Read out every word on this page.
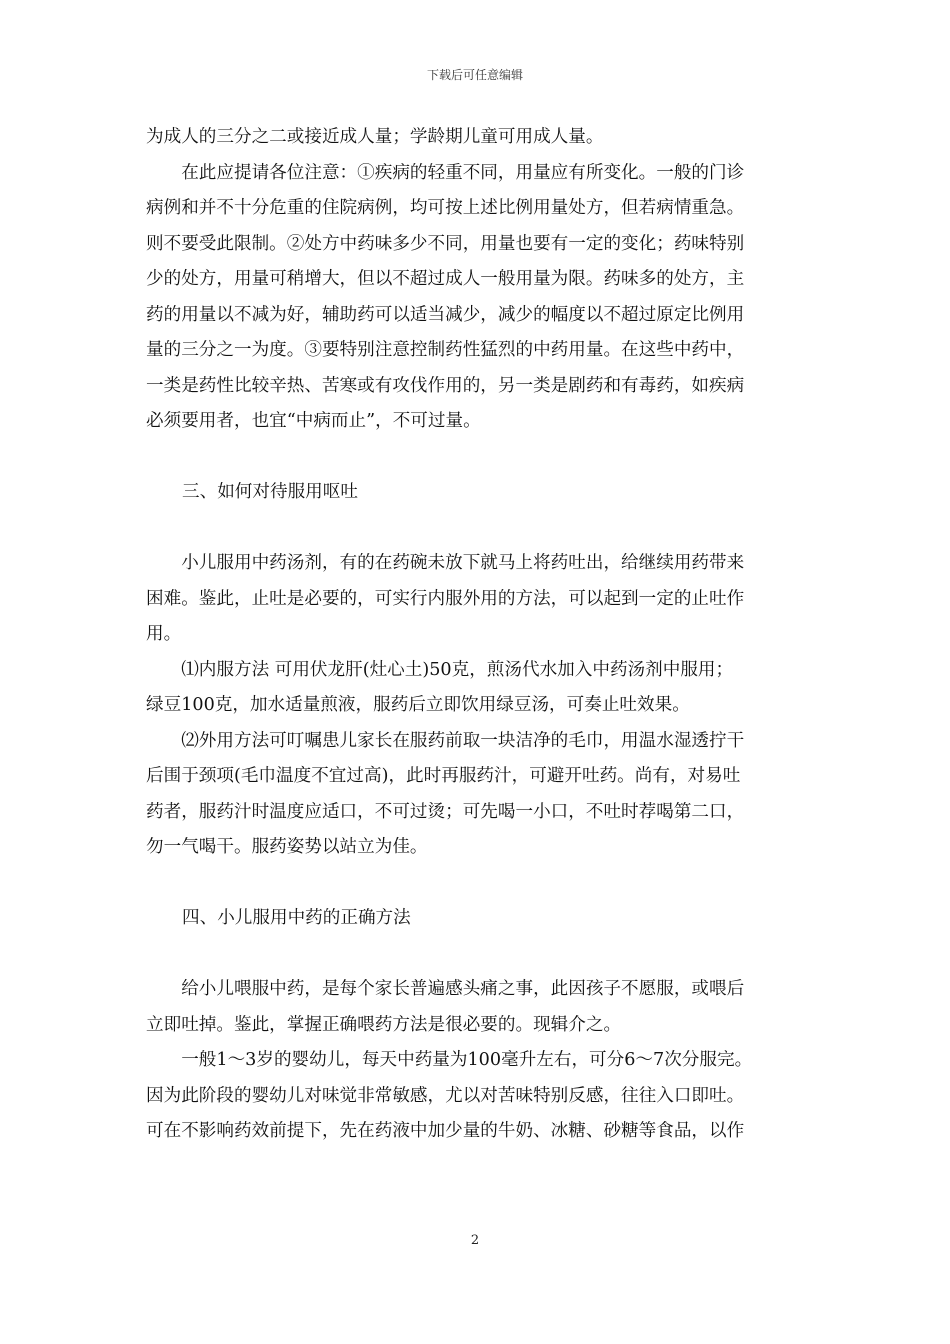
下载后可任意编辑
为成人的三分之二或接近成人量；学龄期儿童可用成人量。
　　在此应提请各位注意：①疾病的轻重不同，用量应有所变化。一般的门诊
病例和并不十分危重的住院病例，均可按上述比例用量处方，但若病情重急。
则不要受此限制。②处方中药味多少不同，用量也要有一定的变化；药味特别
少的处方，用量可稍增大，但以不超过成人一般用量为限。药味多的处方，主
药的用量以不减为好，辅助药可以适当减少，减少的幅度以不超过原定比例用
量的三分之一为度。③要特别注意控制药性猛烈的中药用量。在这些中药中，
一类是药性比较辛热、苦寒或有攻伐作用的，另一类是剧药和有毒药，如疾病
必须要用者，也宜“中病而止”，不可过量。
三、如何对待服用呕吐
　　小儿服用中药汤剂，有的在药碗未放下就马上将药吐出，给继续用药带来
困难。鉴此，止吐是必要的，可实行内服外用的方法，可以起到一定的止吐作
用。
　　⑴内服方法 可用伏龙肝(灶心土)50克，煎汤代水加入中药汤剂中服用；
绿豆100克，加水适量煎液，服药后立即饮用绿豆汤，可奏止吐效果。
　　⑵外用方法可叮嘱患儿家长在服药前取一块洁净的毛巾，用温水湿透拧干
后围于颈项(毛巾温度不宜过高)，此时再服药汁，可避开吐药。尚有，对易吐
药者，服药汁时温度应适口，不可过烫；可先喝一小口，不吐时荐喝第二口，
勿一气喝干。服药姿势以站立为佳。
四、小儿服用中药的正确方法
　　给小儿喂服中药，是每个家长普遍感头痛之事，此因孩子不愿服，或喂后
立即吐掉。鉴此，掌握正确喂药方法是很必要的。现辑介之。
　　一般1～3岁的婴幼儿，每天中药量为100毫升左右，可分6～7次分服完。
因为此阶段的婴幼儿对味觉非常敏感，尤以对苦味特别反感，往往入口即吐。
可在不影响药效前提下，先在药液中加少量的牛奶、冰糖、砂糖等食品，以作
2
